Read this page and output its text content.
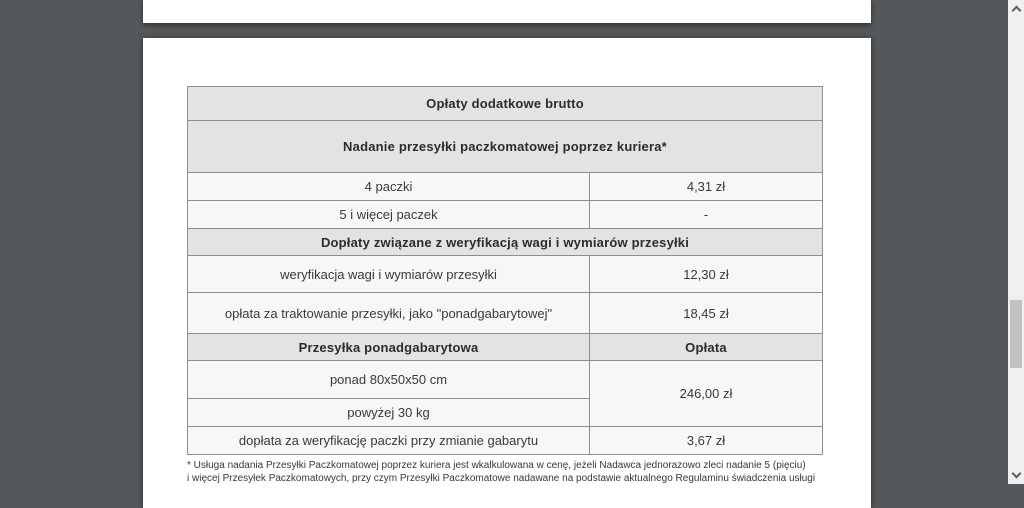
Opłaty dodatkowe brutto	
Nadanie przesyłki paczkomatowej poprzez kuriera*	
4 paczki	4,31 zł
5 i więcej paczek	-
Dopłaty związane z weryfikacją wagi i wymiarów przesyłki	
weryfikacja wagi i wymiarów przesyłki	12,30 zł
opłata za traktowanie przesyłki, jako "ponadgabarytowej"	18,45 zł
Przesyłka ponadgabarytowa	Opłata
ponad 80x50x50 cm	246,00 zł
powyżej 30 kg	
dopłata za weryfikację paczki przy zmianie gabarytu	3,67 zł
* Usługa nadania Przesyłki Paczkomatowej poprzez kuriera jest wkalkulowana w cenę, jeżeli Nadawca jednorazowo zleci nadanie 5 (pięciu)
i więcej Przesyłek Paczkomatowych, przy czym Przesyłki Paczkomatowe nadawane na podstawie aktualnego Regulaminu świadczenia usługi
